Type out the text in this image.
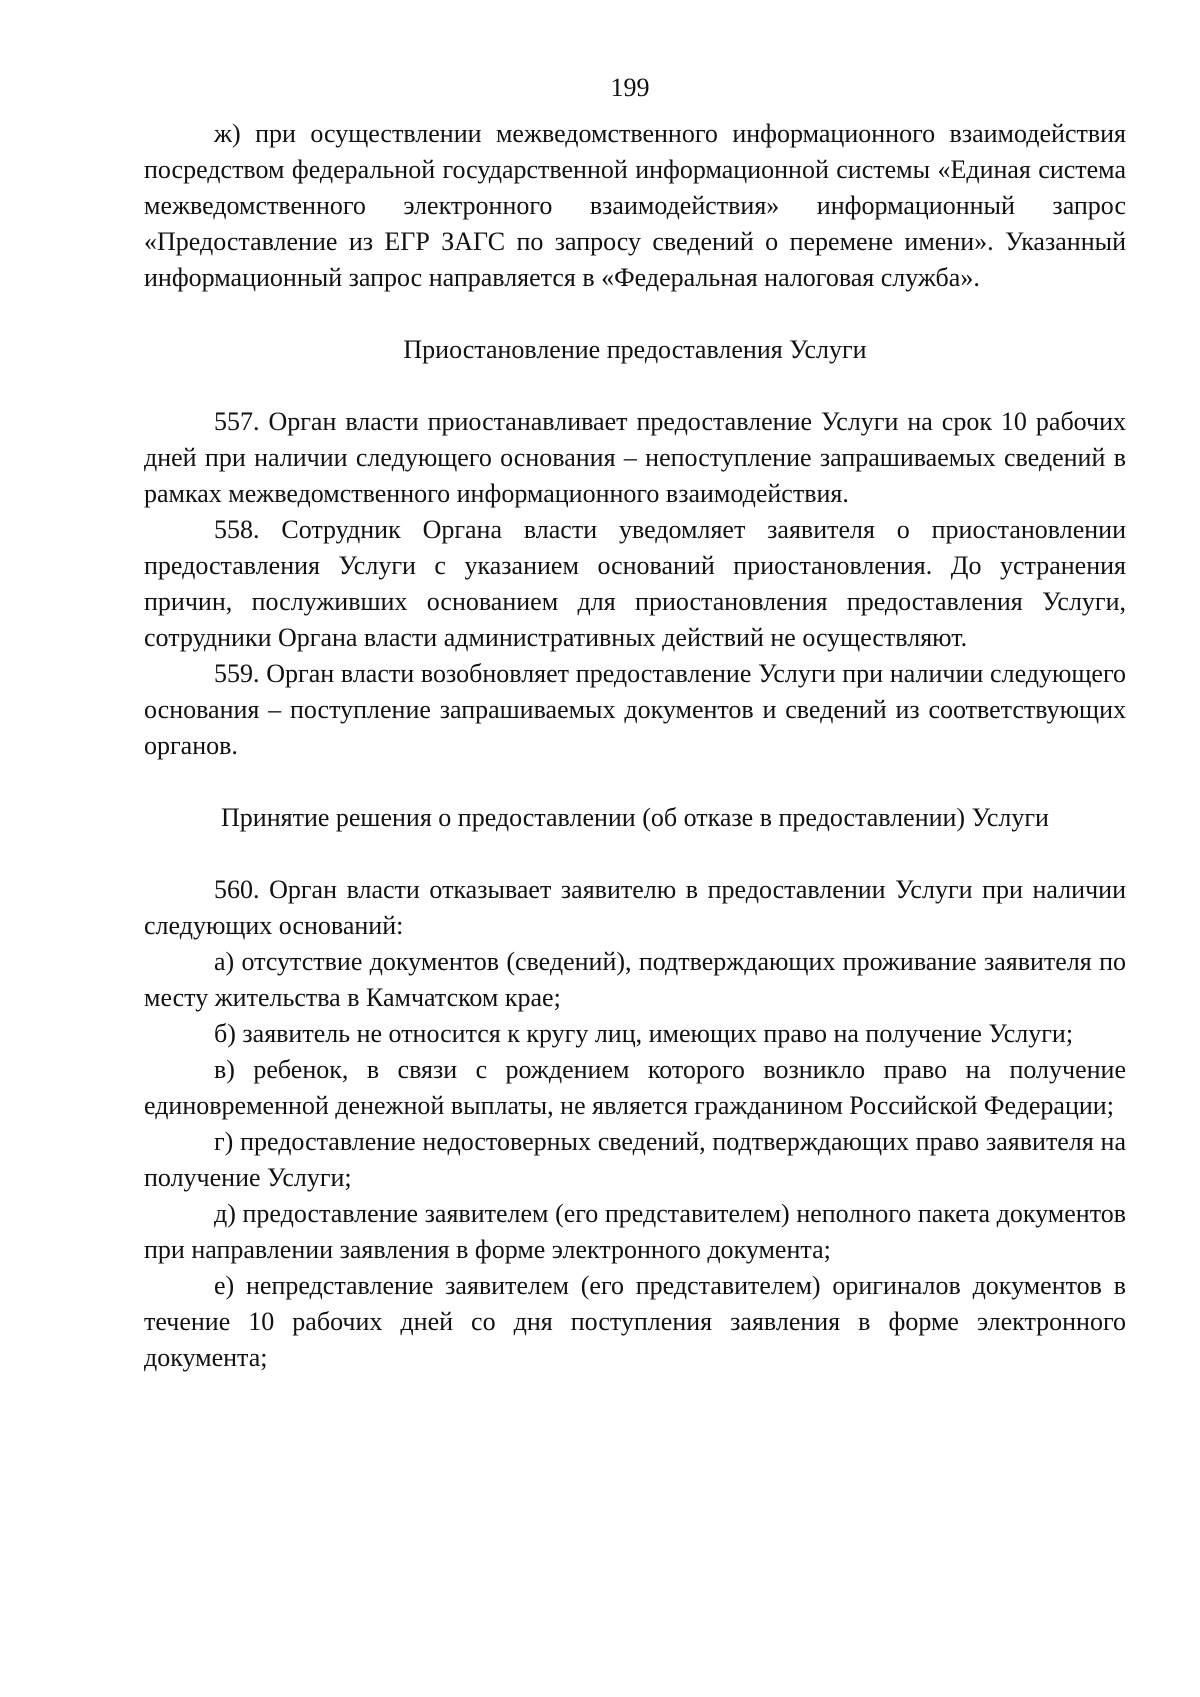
199

ж) при осуществлении межведомственного информационного взаимодействия посредством федеральной государственной информационной системы «Единая система межведомственного электронного взаимодействия» информационный запрос «Предоставление из ЕГР ЗАГС по запросу сведений о перемене имени». Указанный информационный запрос направляется в «Федеральная налоговая служба».

Приостановление предоставления Услуги

557. Орган власти приостанавливает предоставление Услуги на срок 10 рабочих дней при наличии следующего основания – непоступление запрашиваемых сведений в рамках межведомственного информационного взаимодействия.

558. Сотрудник Органа власти уведомляет заявителя о приостановлении предоставления Услуги с указанием оснований приостановления. До устранения причин, послуживших основанием для приостановления предоставления Услуги, сотрудники Органа власти административных действий не осуществляют.

559. Орган власти возобновляет предоставление Услуги при наличии следующего основания – поступление запрашиваемых документов и сведений из соответствующих органов.

Принятие решения о предоставлении (об отказе в предоставлении) Услуги

560. Орган власти отказывает заявителю в предоставлении Услуги при наличии следующих оснований:

а) отсутствие документов (сведений), подтверждающих проживание заявителя по месту жительства в Камчатском крае;

б) заявитель не относится к кругу лиц, имеющих право на получение Услуги;

в) ребенок, в связи с рождением которого возникло право на получение единовременной денежной выплаты, не является гражданином Российской Федерации;

г) предоставление недостоверных сведений, подтверждающих право заявителя на получение Услуги;

д) предоставление заявителем (его представителем) неполного пакета документов при направлении заявления в форме электронного документа;

е) непредставление заявителем (его представителем) оригиналов документов в течение 10 рабочих дней со дня поступления заявления в форме электронного документа;
